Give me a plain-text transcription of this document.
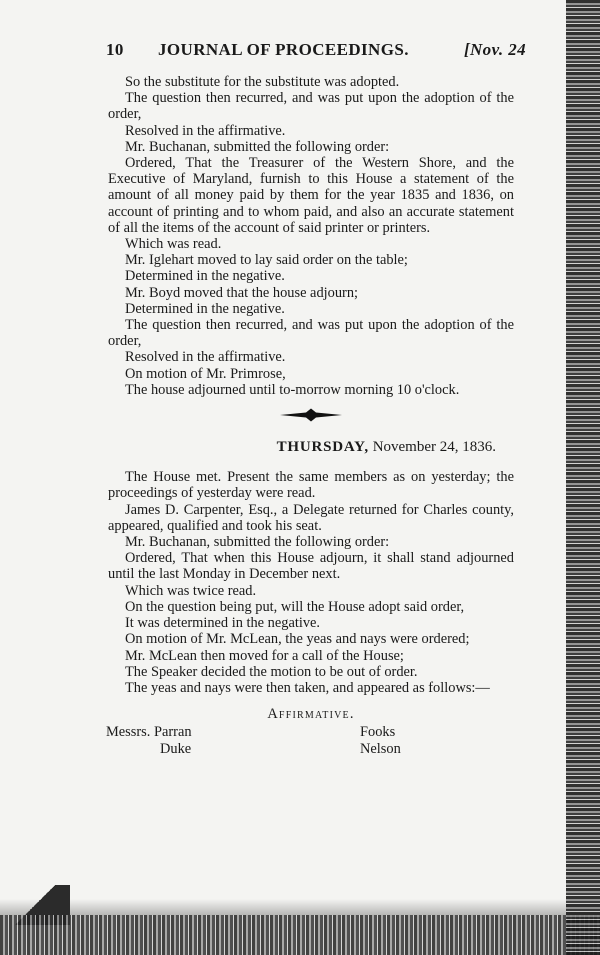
10 JOURNAL OF PROCEEDINGS.	[Nov. 24

So the substitute for the substitute was adopted.

The question then recurred, and was put upon the adoption of the order,

Resolved in the affirmative.

Mr. Buchanan, submitted the following order:

Ordered, That the Treasurer of the Western Shore, and the Executive of Maryland, furnish to this House a statement of the amount of all money paid by them for the year 1835 and 1836, on account of printing and to whom paid, and also an accurate statement of all the items of the account of said printer or printers.

Which was read.

Mr. Iglehart moved to lay said order on the table;

Determined in the negative.

Mr. Boyd moved that the house adjourn;

Determined in the negative.

The question then recurred, and was put upon the adoption of the order,

Resolved in the affirmative.

On motion of Mr. Primrose,

The house adjourned until to-morrow morning 10 o'clock.

THURSDAY, November 24, 1836.

The House met. Present the same members as on yesterday; the proceedings of yesterday were read.

James D. Carpenter, Esq., a Delegate returned for Charles county, appeared, qualified and took his seat.

Mr. Buchanan, submitted the following order:

Ordered, That when this House adjourn, it shall stand adjourned until the last Monday in December next.

Which was twice read.

On the question being put, will the House adopt said order,

It was determined in the negative.

On motion of Mr. McLean, the yeas and nays were ordered;

Mr. McLean then moved for a call of the House;

The Speaker decided the motion to be out of order.

The yeas and nays were then taken, and appeared as follows:—

Affirmative.
Messrs. Parran	Fooks
Duke	Nelson
